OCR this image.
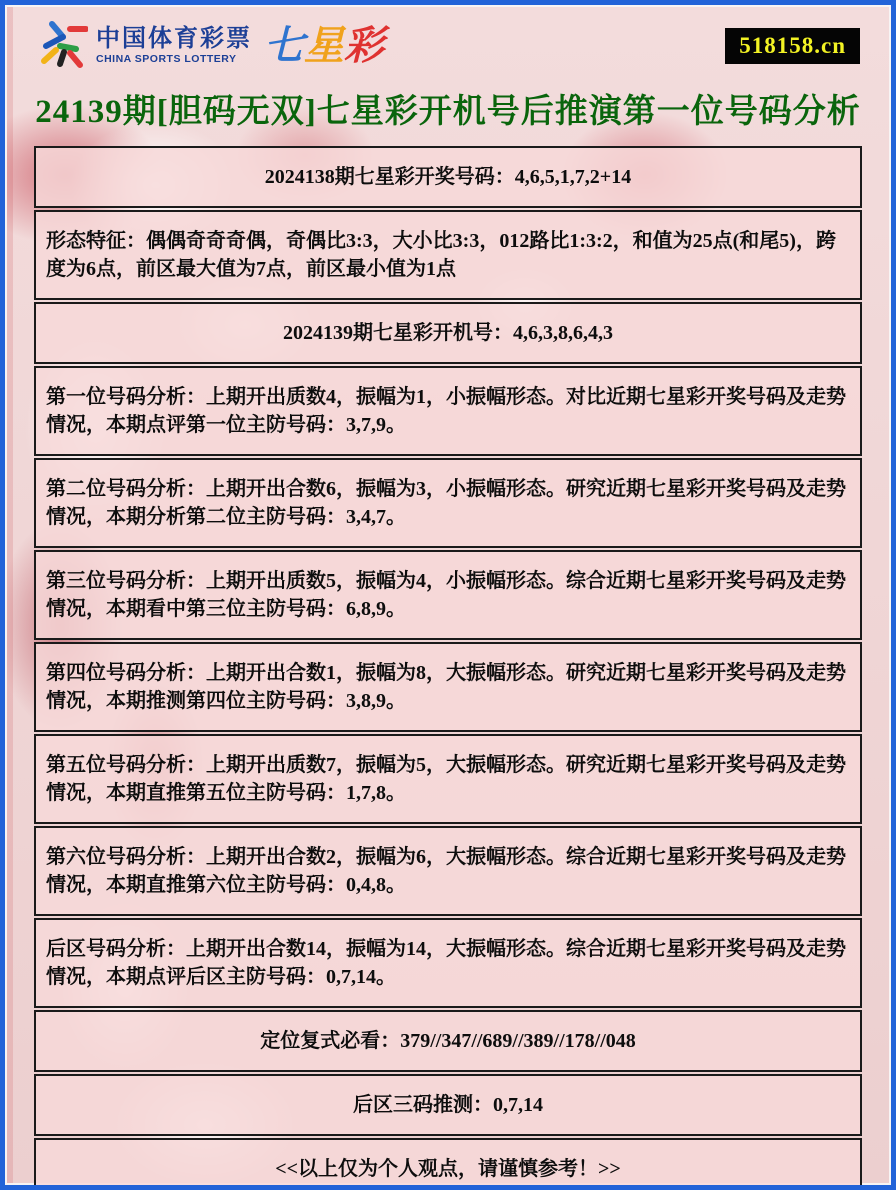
中国体育彩票
CHINA SPORTS LOTTERY 七星彩	518158.cn
24139期[胆码无双]七星彩开机号后推演第一位号码分析
2024138期七星彩开奖号码：4,6,5,1,7,2+14
形态特征：偶偶奇奇奇偶，奇偶比3:3，大小比3:3，012路比1:3:2，和值为25点(和尾5)，跨度为6点，前区最大值为7点，前区最小值为1点
2024139期七星彩开机号：4,6,3,8,6,4,3
第一位号码分析：上期开出质数4，振幅为1，小振幅形态。对比近期七星彩开奖号码及走势情况，本期点评第一位主防号码：3,7,9。
第二位号码分析：上期开出合数6，振幅为3，小振幅形态。研究近期七星彩开奖号码及走势情况，本期分析第二位主防号码：3,4,7。
第三位号码分析：上期开出质数5，振幅为4，小振幅形态。综合近期七星彩开奖号码及走势情况，本期看中第三位主防号码：6,8,9。
第四位号码分析：上期开出合数1，振幅为8，大振幅形态。研究近期七星彩开奖号码及走势情况，本期推测第四位主防号码：3,8,9。
第五位号码分析：上期开出质数7，振幅为5，大振幅形态。研究近期七星彩开奖号码及走势情况，本期直推第五位主防号码：1,7,8。
第六位号码分析：上期开出合数2，振幅为6，大振幅形态。综合近期七星彩开奖号码及走势情况，本期直推第六位主防号码：0,4,8。
后区号码分析：上期开出合数14，振幅为14，大振幅形态。综合近期七星彩开奖号码及走势情况，本期点评后区主防号码：0,7,14。
定位复式必看：379//347//689//389//178//048
后区三码推测：0,7,14
<<以上仅为个人观点，请谨慎参考！>>
